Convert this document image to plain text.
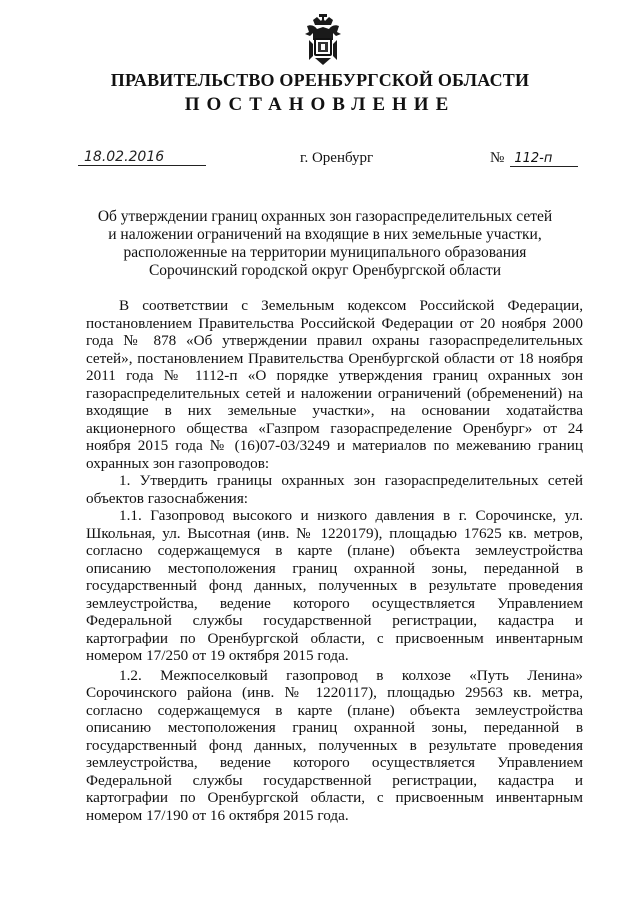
ПРАВИТЕЛЬСТВО ОРЕНБУРГСКОЙ ОБЛАСТИ
ПОСТАНОВЛЕНИЕ
18.02.2016	г. Оренбург	№ 112-п
Об утверждении границ охранных зон газораспределительных сетей
и наложении ограничений на входящие в них земельные участки,
расположенные на территории муниципального образования
Сорочинский городской округ Оренбургской области

В соответствии с Земельным кодексом Российской Федерации, постановлением Правительства Российской Федерации от 20 ноября 2000 года № 878 «Об утверждении правил охраны газораспределительных сетей», постановлением Правительства Оренбургской области от 18 ноября 2011 года № 1112-п «О порядке утверждения границ охранных зон газораспределительных сетей и наложении ограничений (обременений) на входящие в них земельные участки», на основании ходатайства акционерного общества «Газпром газораспределение Оренбург» от 24 ноября 2015 года № (16)07-03/3249 и материалов по межеванию границ охранных зон газопроводов:

1. Утвердить границы охранных зон газораспределительных сетей объектов газоснабжения:

1.1. Газопровод высокого и низкого давления в г. Сорочинске, ул. Школьная, ул. Высотная (инв. № 1220179), площадью 17625 кв. метров, согласно содержащемуся в карте (плане) объекта землеустройства описанию местоположения границ охранной зоны, переданной в государственный фонд данных, полученных в результате проведения землеустройства, ведение которого осуществляется Управлением Федеральной службы государственной регистрации, кадастра и картографии по Оренбургской области, с присвоенным инвентарным номером 17/250 от 19 октября 2015 года.

1.2. Межпоселковый газопровод в колхозе «Путь Ленина» Сорочинского района (инв. № 1220117), площадью 29563 кв. метра, согласно содержащемуся в карте (плане) объекта землеустройства описанию местоположения границ охранной зоны, переданной в государственный фонд данных, полученных в результате проведения землеустройства, ведение которого осуществляется Управлением Федеральной службы государственной регистрации, кадастра и картографии по Оренбургской области, с присвоенным инвентарным номером 17/190 от 16 октября 2015 года.
